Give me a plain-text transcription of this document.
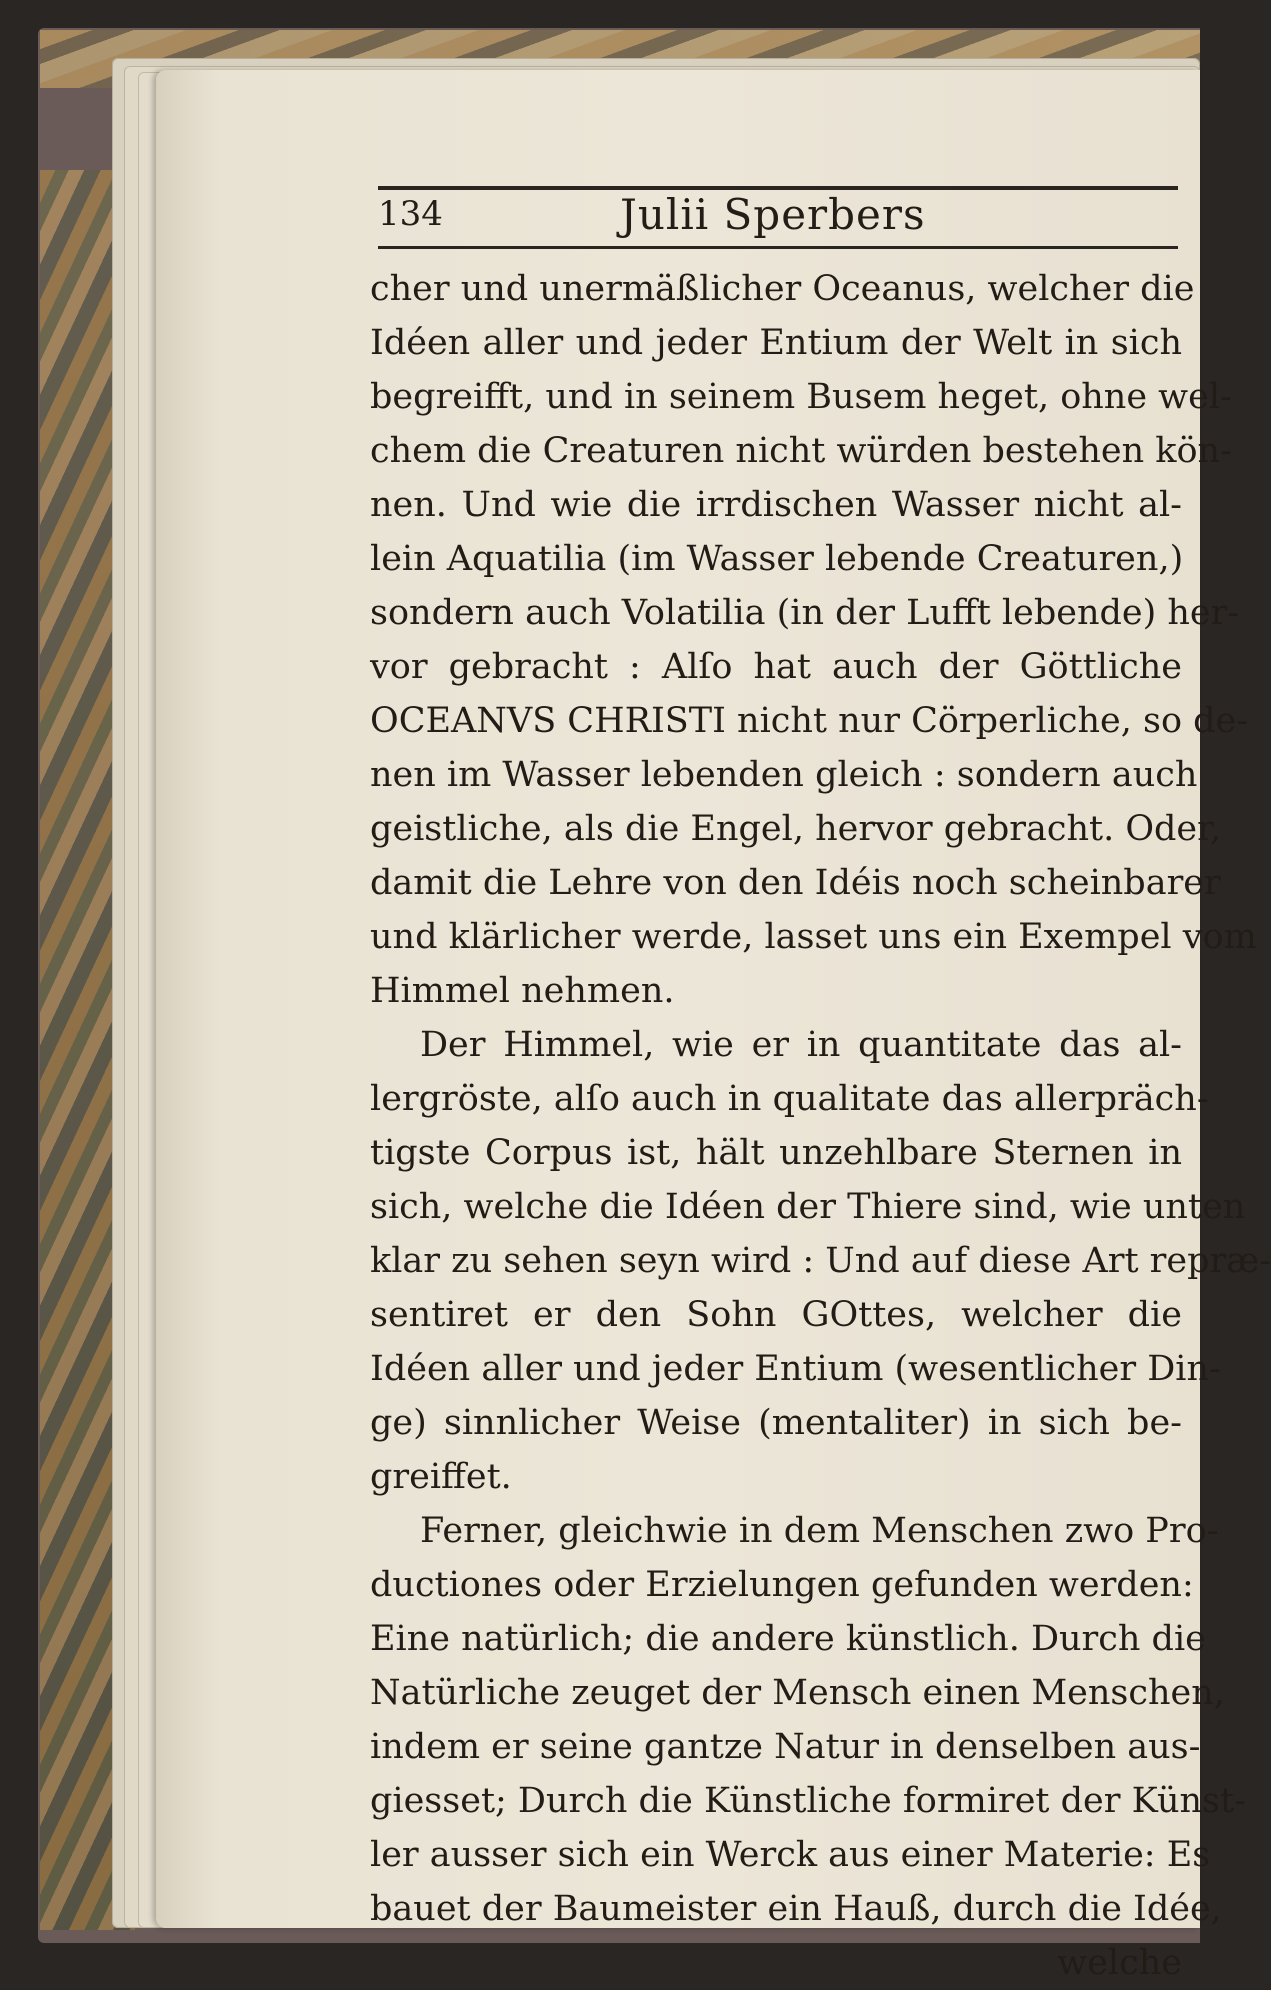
134	Julii Sperbers
cher und unermäßlicher Oceanus, welcher die
Idéen aller und jeder Entium der Welt in sich
begreifft, und in seinem Busem heget, ohne wel-
chem die Creaturen nicht würden bestehen kön-
nen. Und wie die irrdischen Wasser nicht al-
lein Aquatilia (im Wasser lebende Creaturen,)
sondern auch Volatilia (in der Lufft lebende) her-
vor gebracht : Alſo hat auch der Göttliche
OCEANVS CHRISTI nicht nur Cörperliche, so de-
nen im Wasser lebenden gleich : sondern auch
geistliche, als die Engel, hervor gebracht. Oder,
damit die Lehre von den Idéis noch scheinbarer
und klärlicher werde, lasset uns ein Exempel vom
Himmel nehmen.
Der Himmel, wie er in quantitate das al-
lergröste, alſo auch in qualitate das allerpräch-
tigste Corpus ist, hält unzehlbare Sternen in
sich, welche die Idéen der Thiere sind, wie unten
klar zu sehen seyn wird : Und auf diese Art repræ-
sentiret er den Sohn GOttes, welcher die
Idéen aller und jeder Entium (wesentlicher Din-
ge) sinnlicher Weise (mentaliter) in sich be-
greiffet.
Ferner, gleichwie in dem Menschen zwo Pro-
ductiones oder Erzielungen gefunden werden:
Eine natürlich; die andere künstlich. Durch die
Natürliche zeuget der Mensch einen Menschen,
indem er seine gantze Natur in denselben aus-
giesset; Durch die Künstliche formiret der Künst-
ler ausser sich ein Werck aus einer Materie: Es
bauet der Baumeister ein Hauß, durch die Idée,
welche
